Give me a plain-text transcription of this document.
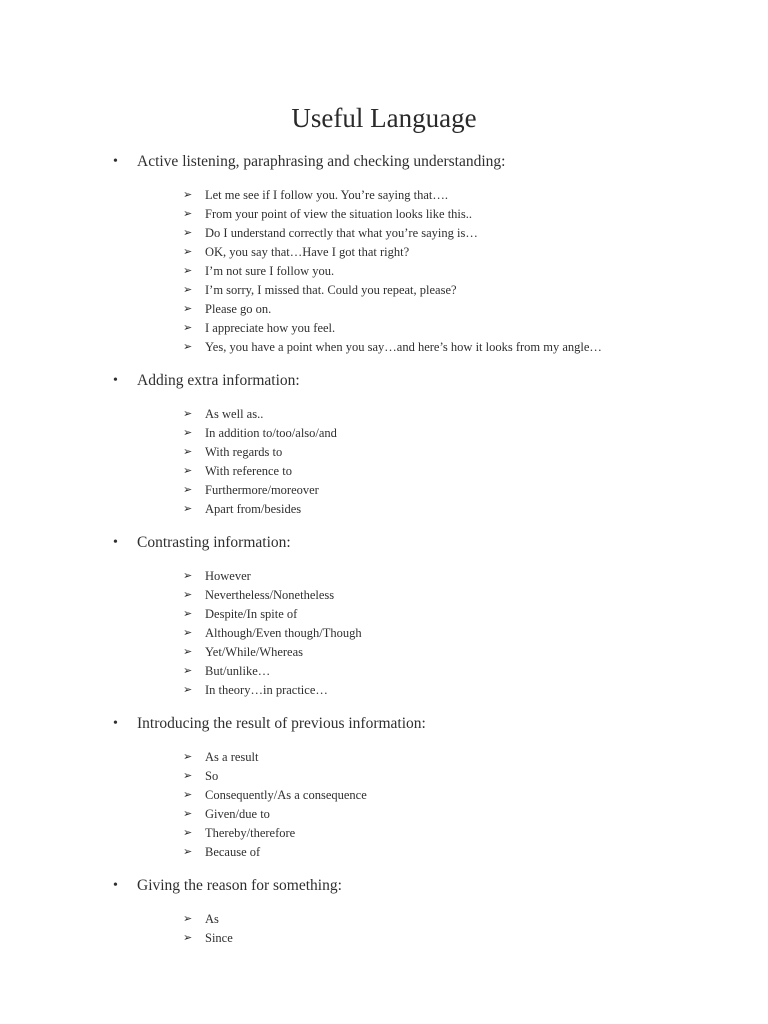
Useful Language
• Active listening, paraphrasing and checking understanding:
➢ Let me see if I follow you. You’re saying that….
➢ From your point of view the situation looks like this..
➢ Do I understand correctly that what you’re saying is…
➢ OK, you say that…Have I got that right?
➢ I’m not sure I follow you.
➢ I’m sorry, I missed that. Could you repeat, please?
➢ Please go on.
➢ I appreciate how you feel.
➢ Yes, you have a point when you say…and here’s how it looks from my angle…
• Adding extra information:
➢ As well as..
➢ In addition to/too/also/and
➢ With regards to
➢ With reference to
➢ Furthermore/moreover
➢ Apart from/besides
• Contrasting information:
➢ However
➢ Nevertheless/Nonetheless
➢ Despite/In spite of
➢ Although/Even though/Though
➢ Yet/While/Whereas
➢ But/unlike…
➢ In theory…in practice…
• Introducing the result of previous information:
➢ As a result
➢ So
➢ Consequently/As a consequence
➢ Given/due to
➢ Thereby/therefore
➢ Because of
• Giving the reason for something:
➢ As
➢ Since
